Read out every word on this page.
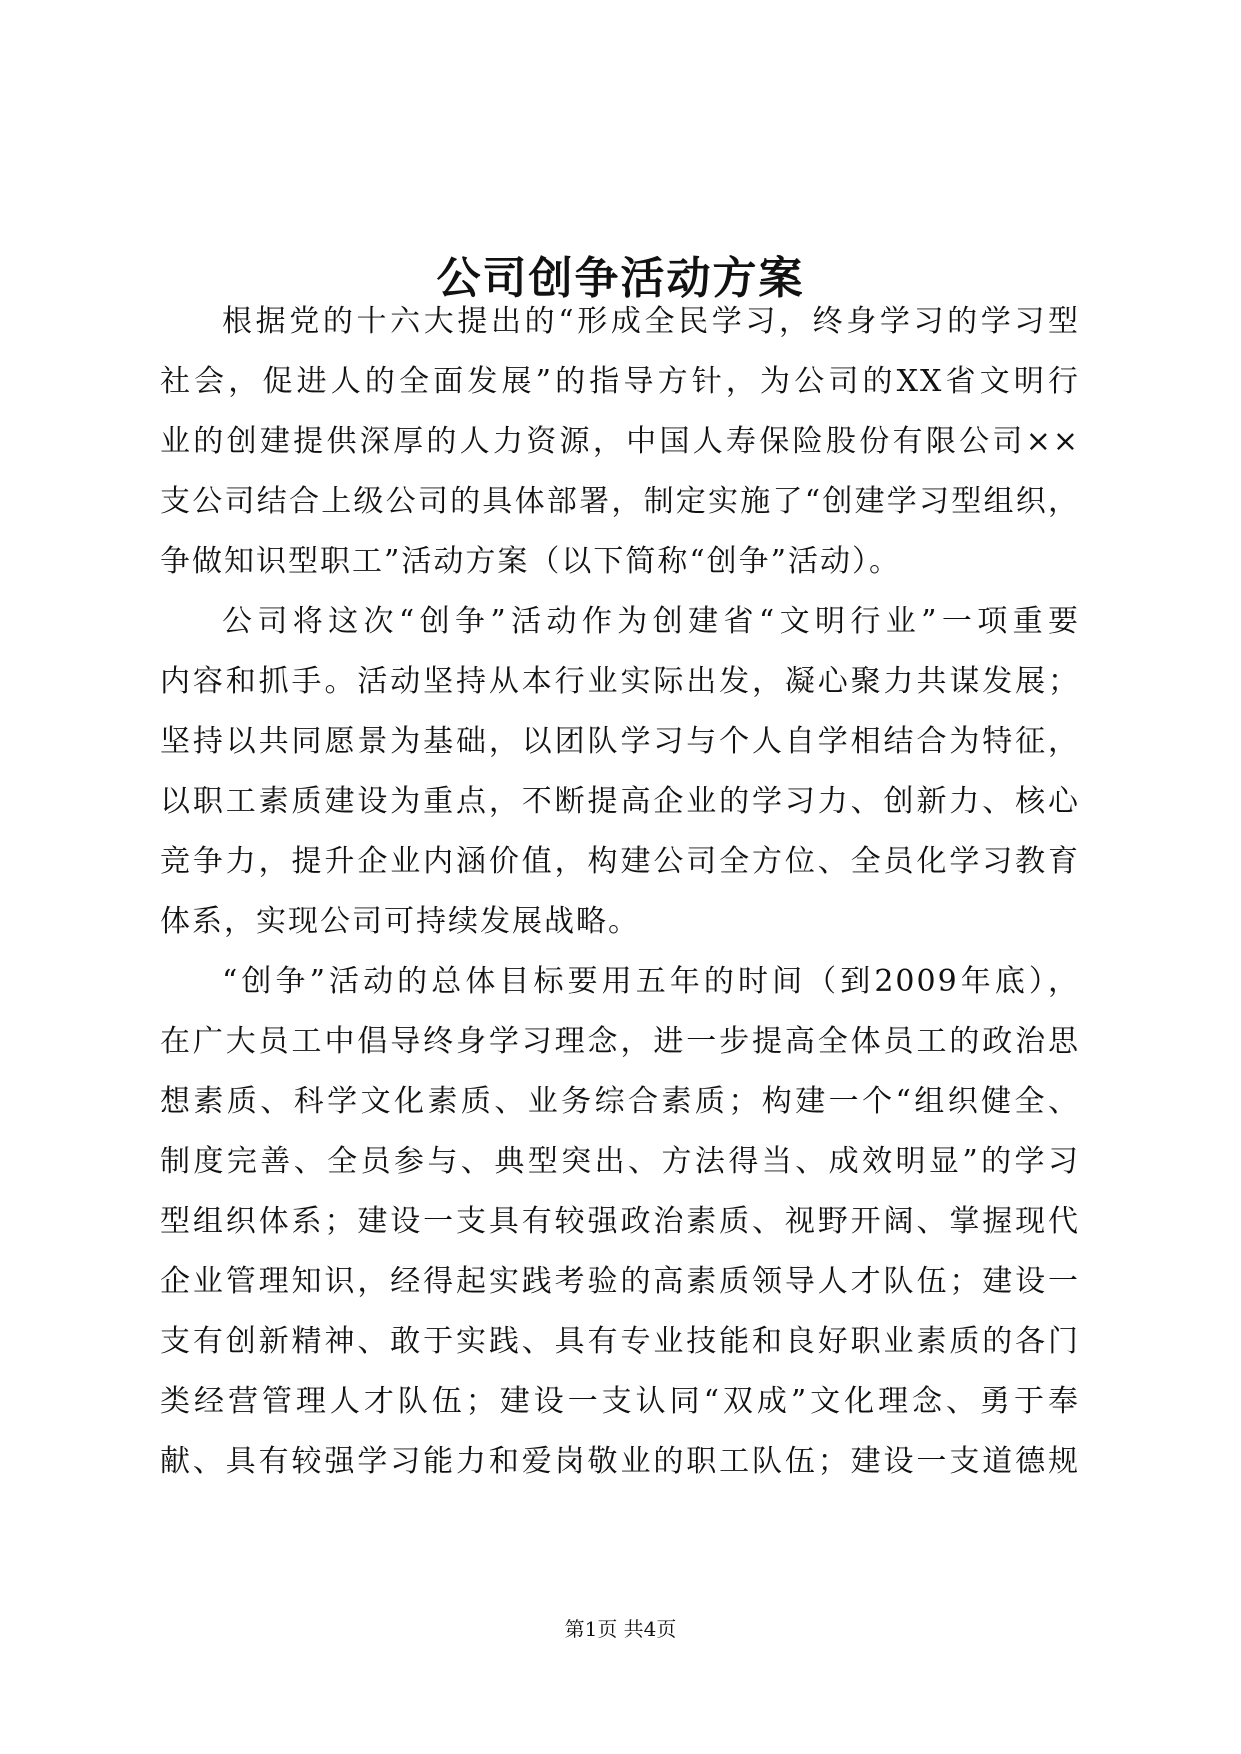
公司创争活动方案
根据党的十六大提出的“形成全民学习，终身学习的学习型
社会，促进人的全面发展”的指导方针，为公司的XX省文明行
业的创建提供深厚的人力资源，中国人寿保险股份有限公司××
支公司结合上级公司的具体部署，制定实施了“创建学习型组织，
争做知识型职工”活动方案（以下简称“创争”活动）。
公司将这次“创争”活动作为创建省“文明行业”一项重要
内容和抓手。活动坚持从本行业实际出发，凝心聚力共谋发展；
坚持以共同愿景为基础，以团队学习与个人自学相结合为特征，
以职工素质建设为重点，不断提高企业的学习力、创新力、核心
竞争力，提升企业内涵价值，构建公司全方位、全员化学习教育
体系，实现公司可持续发展战略。
“创争”活动的总体目标要用五年的时间（到2009年底），
在广大员工中倡导终身学习理念，进一步提高全体员工的政治思
想素质、科学文化素质、业务综合素质；构建一个“组织健全、
制度完善、全员参与、典型突出、方法得当、成效明显”的学习
型组织体系；建设一支具有较强政治素质、视野开阔、掌握现代
企业管理知识，经得起实践考验的高素质领导人才队伍；建设一
支有创新精神、敢于实践、具有专业技能和良好职业素质的各门
类经营管理人才队伍；建设一支认同“双成”文化理念、勇于奉
献、具有较强学习能力和爱岗敬业的职工队伍；建设一支道德规
第1页 共4页
